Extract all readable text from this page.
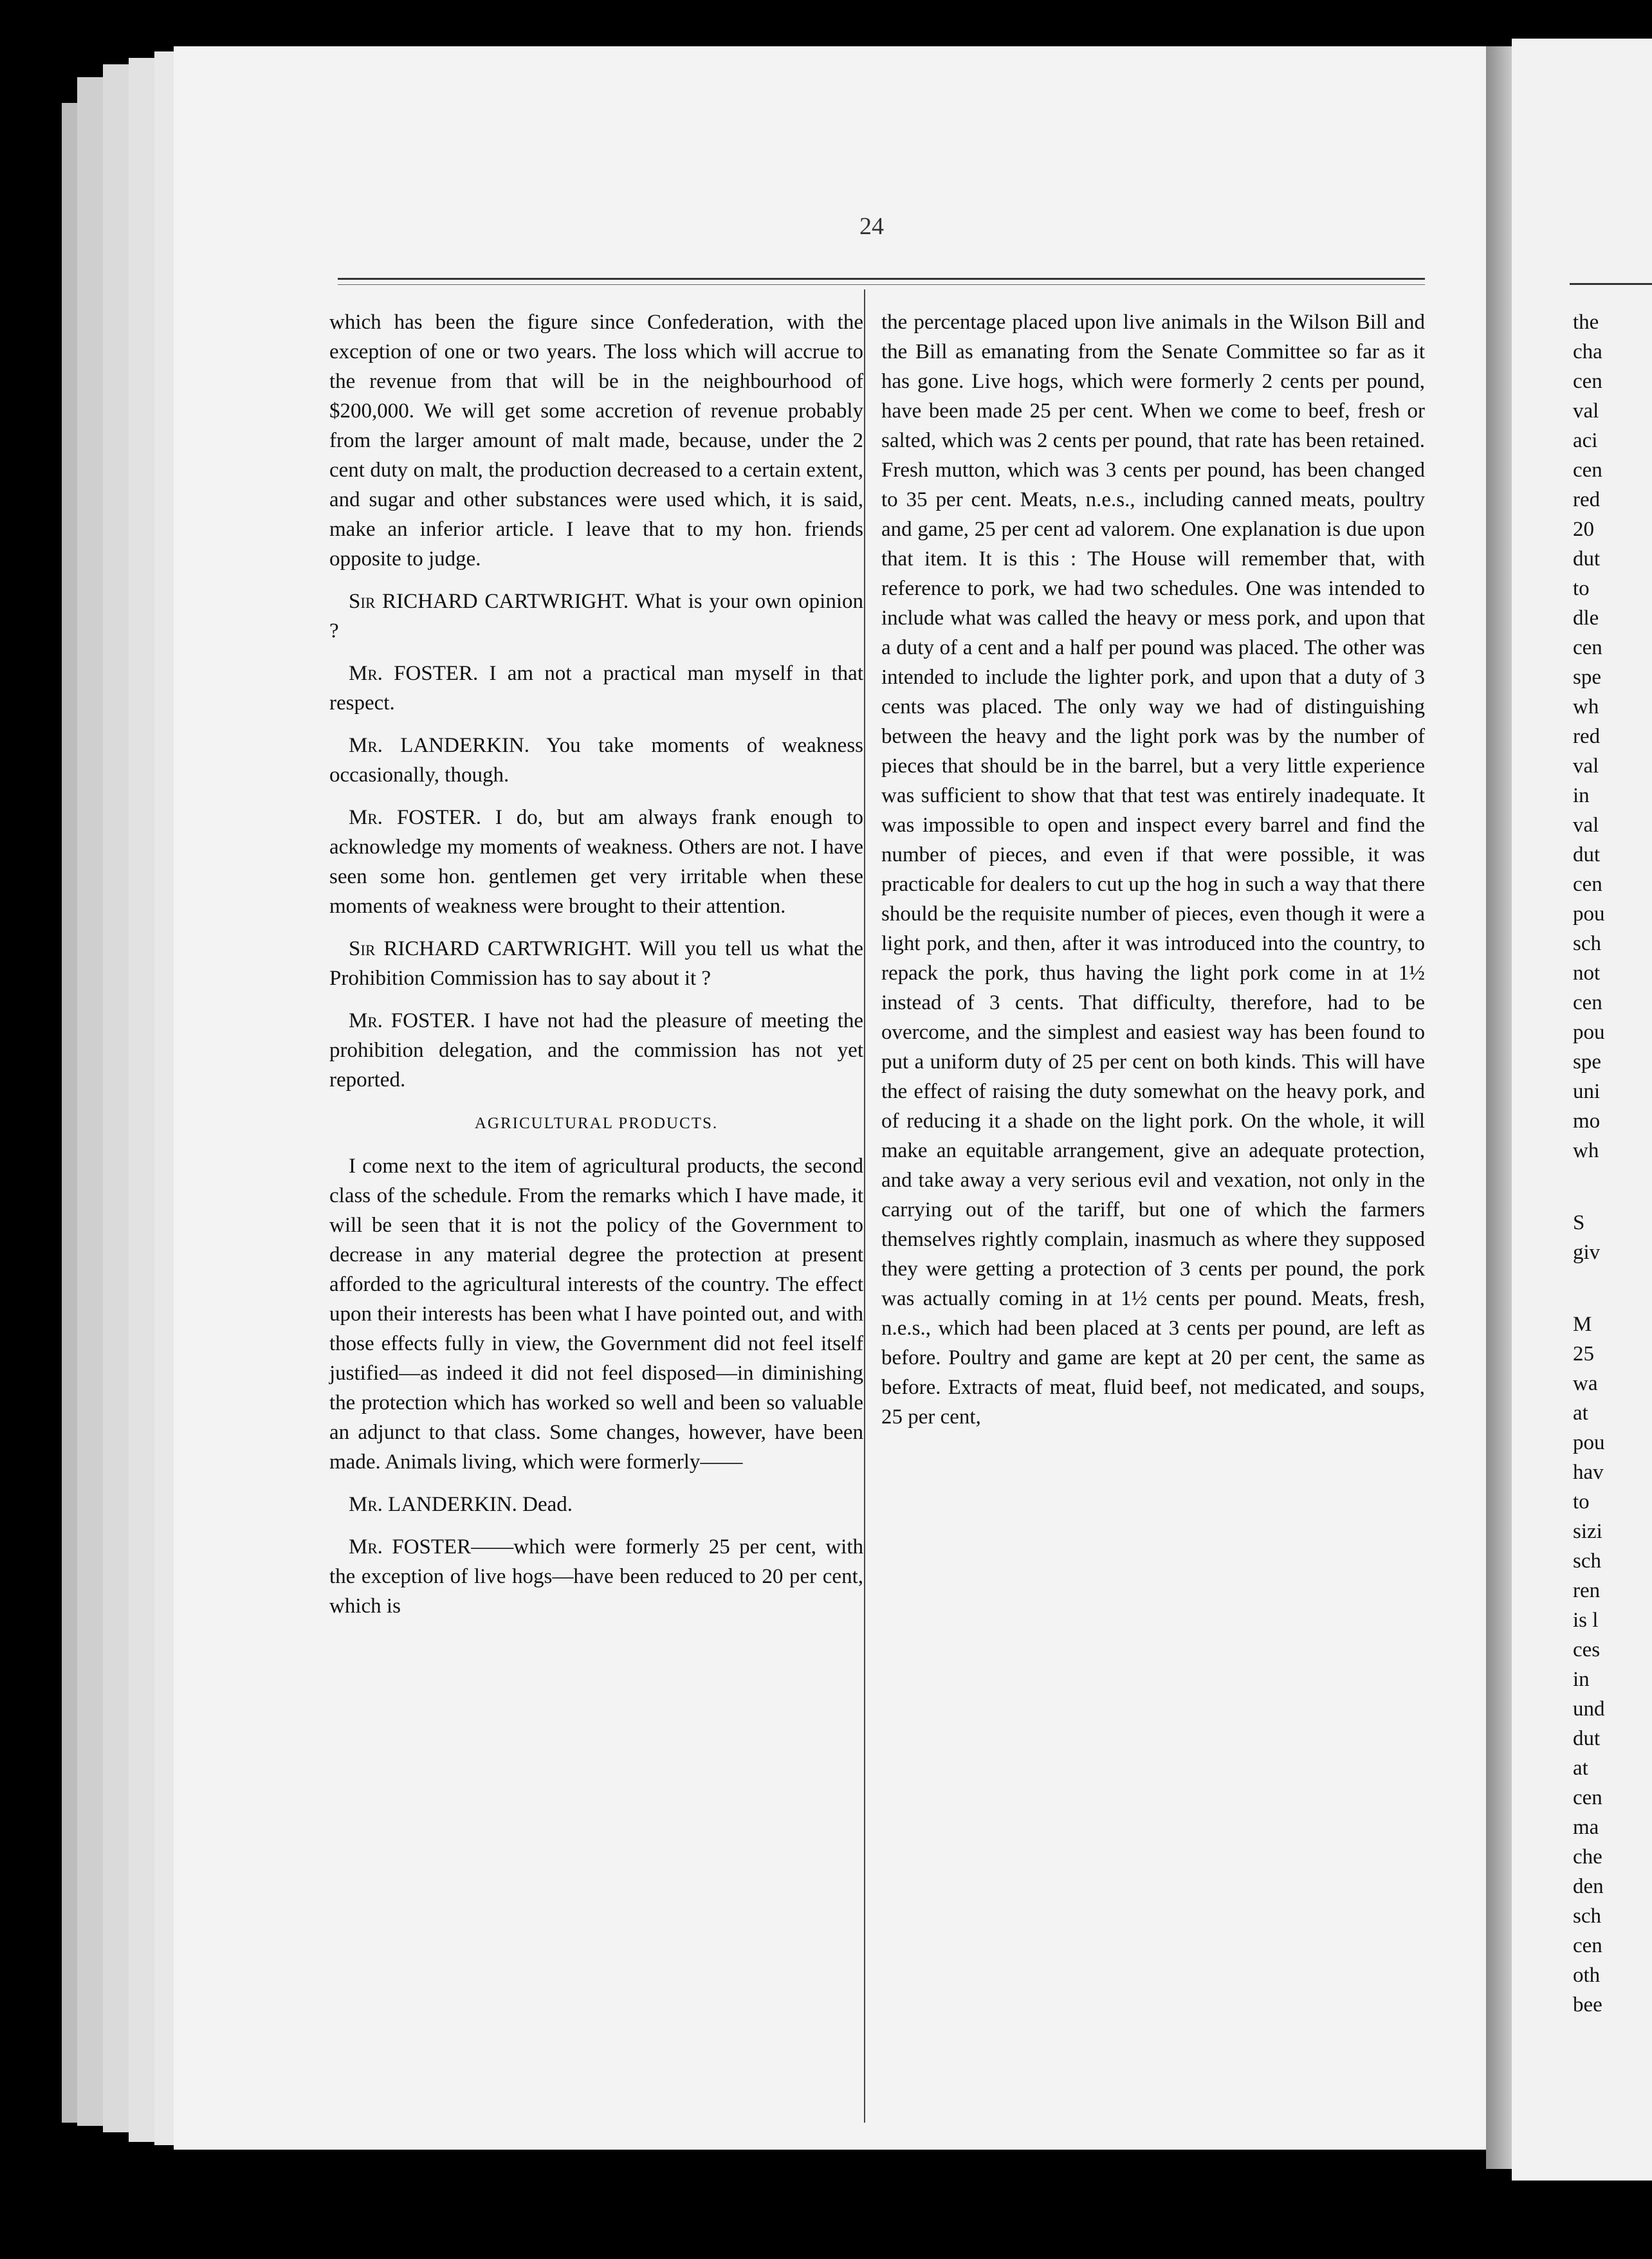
24

which has been the figure since Confederation, with the exception of one or two years. The loss which will accrue to the revenue from that will be in the neighbourhood of $200,000. We will get some accretion of revenue probably from the larger amount of malt made, because, under the 2 cent duty on malt, the production decreased to a certain extent, and sugar and other substances were used which, it is said, make an inferior article. I leave that to my hon. friends opposite to judge.

Sir RICHARD CARTWRIGHT. What is your own opinion ?

Mr. FOSTER. I am not a practical man myself in that respect.

Mr. LANDERKIN. You take moments of weakness occasionally, though.

Mr. FOSTER. I do, but am always frank enough to acknowledge my moments of weakness. Others are not. I have seen some hon. gentlemen get very irritable when these moments of weakness were brought to their attention.

Sir RICHARD CARTWRIGHT. Will you tell us what the Prohibition Commission has to say about it ?

Mr. FOSTER. I have not had the pleasure of meeting the prohibition delegation, and the commission has not yet reported.

AGRICULTURAL PRODUCTS.

I come next to the item of agricultural products, the second class of the schedule. From the remarks which I have made, it will be seen that it is not the policy of the Government to decrease in any material degree the protection at present afforded to the agricultural interests of the country. The effect upon their interests has been what I have pointed out, and with those effects fully in view, the Government did not feel itself justified—as indeed it did not feel disposed—in diminishing the protection which has worked so well and been so valuable an adjunct to that class. Some changes, however, have been made. Animals living, which were formerly——

Mr. LANDERKIN. Dead.

Mr. FOSTER——which were formerly 25 per cent, with the exception of live hogs—have been reduced to 20 per cent, which is

the percentage placed upon live animals in the Wilson Bill and the Bill as emanating from the Senate Committee so far as it has gone. Live hogs, which were formerly 2 cents per pound, have been made 25 per cent. When we come to beef, fresh or salted, which was 2 cents per pound, that rate has been retained. Fresh mutton, which was 3 cents per pound, has been changed to 35 per cent. Meats, n.e.s., including canned meats, poultry and game, 25 per cent ad valorem. One explanation is due upon that item. It is this : The House will remember that, with reference to pork, we had two schedules. One was intended to include what was called the heavy or mess pork, and upon that a duty of a cent and a half per pound was placed. The other was intended to include the lighter pork, and upon that a duty of 3 cents was placed. The only way we had of distinguishing between the heavy and the light pork was by the number of pieces that should be in the barrel, but a very little experience was sufficient to show that that test was entirely inadequate. It was impossible to open and inspect every barrel and find the number of pieces, and even if that were possible, it was practicable for dealers to cut up the hog in such a way that there should be the requisite number of pieces, even though it were a light pork, and then, after it was introduced into the country, to repack the pork, thus having the light pork come in at 1½ instead of 3 cents. That difficulty, therefore, had to be overcome, and the simplest and easiest way has been found to put a uniform duty of 25 per cent on both kinds. This will have the effect of raising the duty somewhat on the heavy pork, and of reducing it a shade on the light pork. On the whole, it will make an equitable arrangement, give an adequate protection, and take away a very serious evil and vexation, not only in the carrying out of the tariff, but one of which the farmers themselves rightly complain, inasmuch as where they supposed they were getting a protection of 3 cents per pound, the pork was actually coming in at 1½ cents per pound. Meats, fresh, n.e.s., which had been placed at 3 cents per pound, are left as before. Poultry and game are kept at 20 per cent, the same as before. Extracts of meat, fluid beef, not medicated, and soups, 25 per cent,

the
cha
cen
val
aci
cen
red
20
dut
to
dle
cen
spe
wh
red
val
in
val
dut
cen
pou
sch
not
cen
pou
spe
uni
mo
wh
S
giv
M
25
wa
at
pou
hav
to
sizi
sch
ren
is l
ces
in
und
dut
at
cen
ma
che
den
sch
cen
oth
bee
